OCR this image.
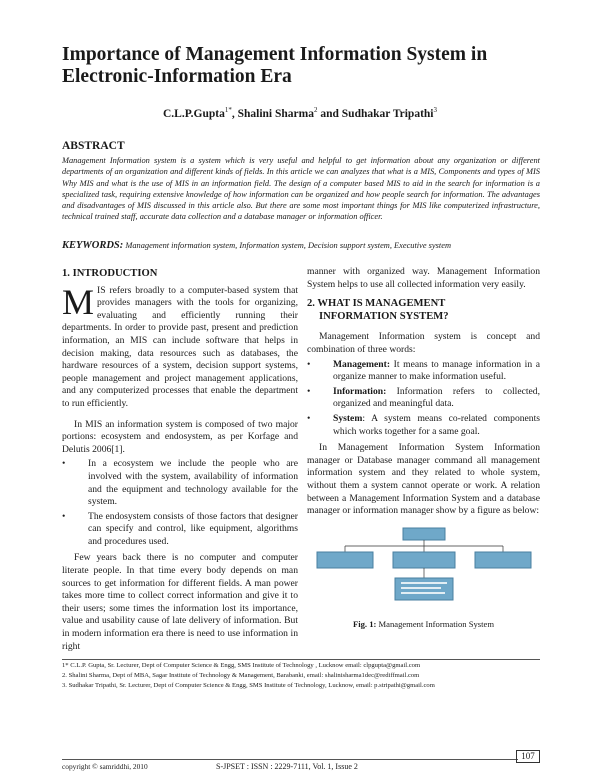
Importance of Management Information System in Electronic-Information Era
C.L.P.Gupta$^{1*}$, Shalini Sharma$^2$ and Sudhakar Tripathi$^3$
ABSTRACT
Management Information system is a system which is very useful and helpful to get information about any organization or different departments of an organization and different kinds of fields. In this article we can analyzes that what is a MIS, Components and types of MIS Why MIS and what is the use of MIS in an information field. The design of a computer based MIS to aid in the search for information is a specialized task, requiring extensive knowledge of how information can be organized and how people search for information. The advantages and disadvantages of MIS discussed in this article also. But there are some most important things for MIS like computerized infrastructure, technical trained staff, accurate data collection and a database manager or information officer.
KEYWORDS: Management information system, Information system, Decision support system, Executive system

1. INTRODUCTION

MIS refers broadly to a computer-based system that provides managers with the tools for organizing, evaluating and efficiently running their departments. In order to provide past, present and prediction information, an MIS can include software that helps in decision making, data resources such as databases, the hardware resources of a system, decision support systems, people management and project management applications, and any computerized processes that enable the department to run efficiently.

In MIS an information system is composed of two major portions: ecosystem and endosystem, as per Korfage and Delutis 2006[1].

• In a ecosystem we include the people who are involved with the system, availability of information and the equipment and technology available for the system.
• The endosystem consists of those factors that designer can specify and control, like equipment, algorithms and procedures used.

Few years back there is no computer and computer literate people. In that time every body depends on man sources to get information for different fields. A man power takes more time to collect correct information and give it to their users; some times the information lost its importance, value and usability cause of late delivery of information. But in modern information era there is need to use information in right

manner with organized way. Management Information System helps to use all collected information very easily.

2. WHAT IS MANAGEMENT
INFORMATION SYSTEM?

Management Information system is concept and combination of three words:

• Management: It means to manage information in a organize manner to make information useful.
• Information: Information refers to collected, organized and meaningful data.
• System: A system means co-related components which works together for a same goal.

In Management Information System Information manager or Database manager command all management information system and they related to whole system, without them a system cannot operate or work. A relation between a Management Information System and a database manager or information manager show by a figure as below:

Fig. 1: Management Information System
1* C.L.P. Gupta, Sr. Lecturer, Dept of Computer Science & Engg, SMS Institute of Technology , Lucknow email: clpgupta@gmail.com
2. Shalini Sharma, Dept of MBA, Sagar Institute of Technology & Management, Barabanki, email: shalinisharma1dec@rediffmail.com
3. Sudhakar Tripathi, Sr. Lecturer, Dept of Computer Science & Engg, SMS Institute of Technology, Lucknow, email: p.stripathi@gmail.com
107
copyright © samriddhi, 2010	S-JPSET : ISSN : 2229-7111, Vol. 1, Issue 2
